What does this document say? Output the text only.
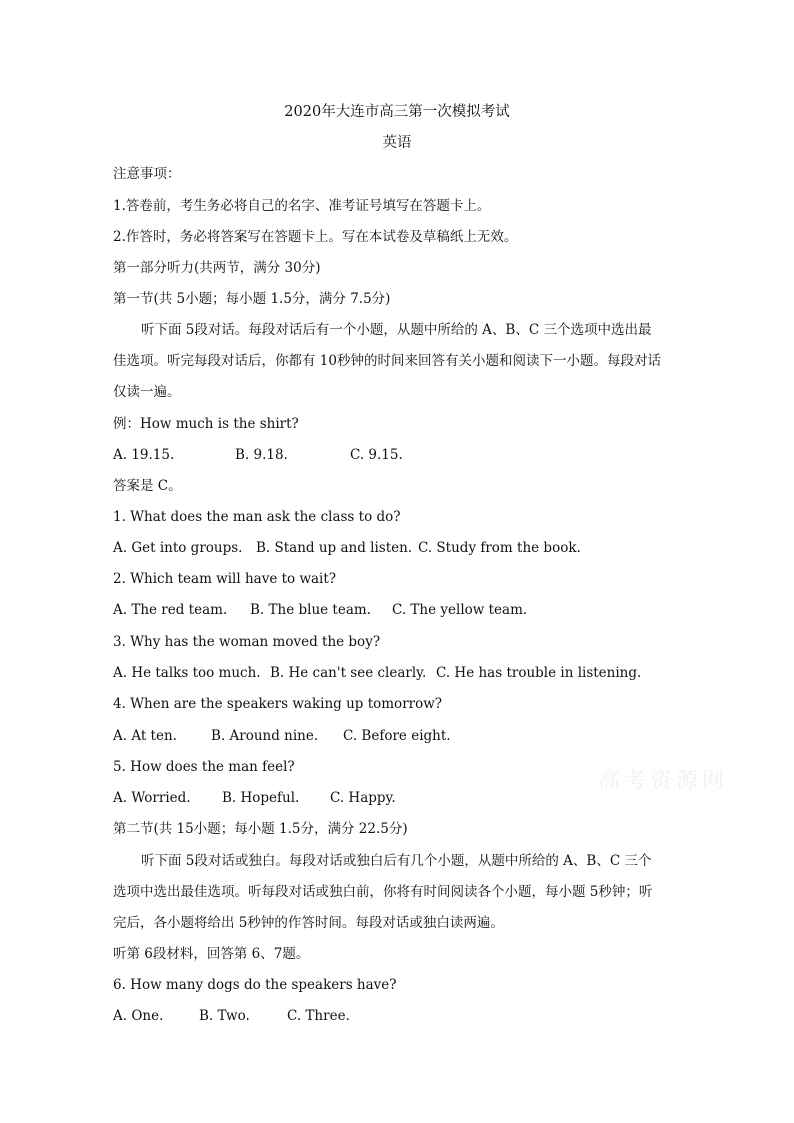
2020年大连市高三第一次模拟考试
英语
注意事项：
1.答卷前，考生务必将自己的名字、准考证号填写在答题卡上。
2.作答时，务必将答案写在答题卡上。写在本试卷及草稿纸上无效。
第一部分听力(共两节，满分 30分)
第一节(共 5小题；每小题 1.5分，满分 7.5分)
听下面 5段对话。每段对话后有一个小题，从题中所给的 A、B、C 三个选项中选出最
佳选项。听完每段对话后，你都有 10秒钟的时间来回答有关小题和阅读下一小题。每段对话
仅读一遍。
例：How much is the shirt?
A. 19.15.	B. 9.18.	C. 9.15.
答案是 C。
1. What does the man ask the class to do?
A. Get into groups. B. Stand up and listen. C. Study from the book.
2. Which team will have to wait?
A. The red team. B. The blue team. C. The yellow team.
3. Why has the woman moved the boy?
A. He talks too much. B. He can't see clearly. C. He has trouble in listening.
4. When are the speakers waking up tomorrow?
A. At ten.	B. Around nine. C. Before eight.
5. How does the man feel?
A. Worried. B. Hopeful. C. Happy.
第二节(共 15小题；每小题 1.5分，满分 22.5分)
听下面 5段对话或独白。每段对话或独白后有几个小题，从题中所给的 A、B、C 三个
选项中选出最佳选项。听每段对话或独白前，你将有时间阅读各个小题，每小题 5秒钟；听
完后，各小题将给出 5秒钟的作答时间。每段对话或独白读两遍。
听第 6段材料，回答第 6、7题。
6. How many dogs do the speakers have?
A. One.	B. Two.	C. Three.
高考资源网
